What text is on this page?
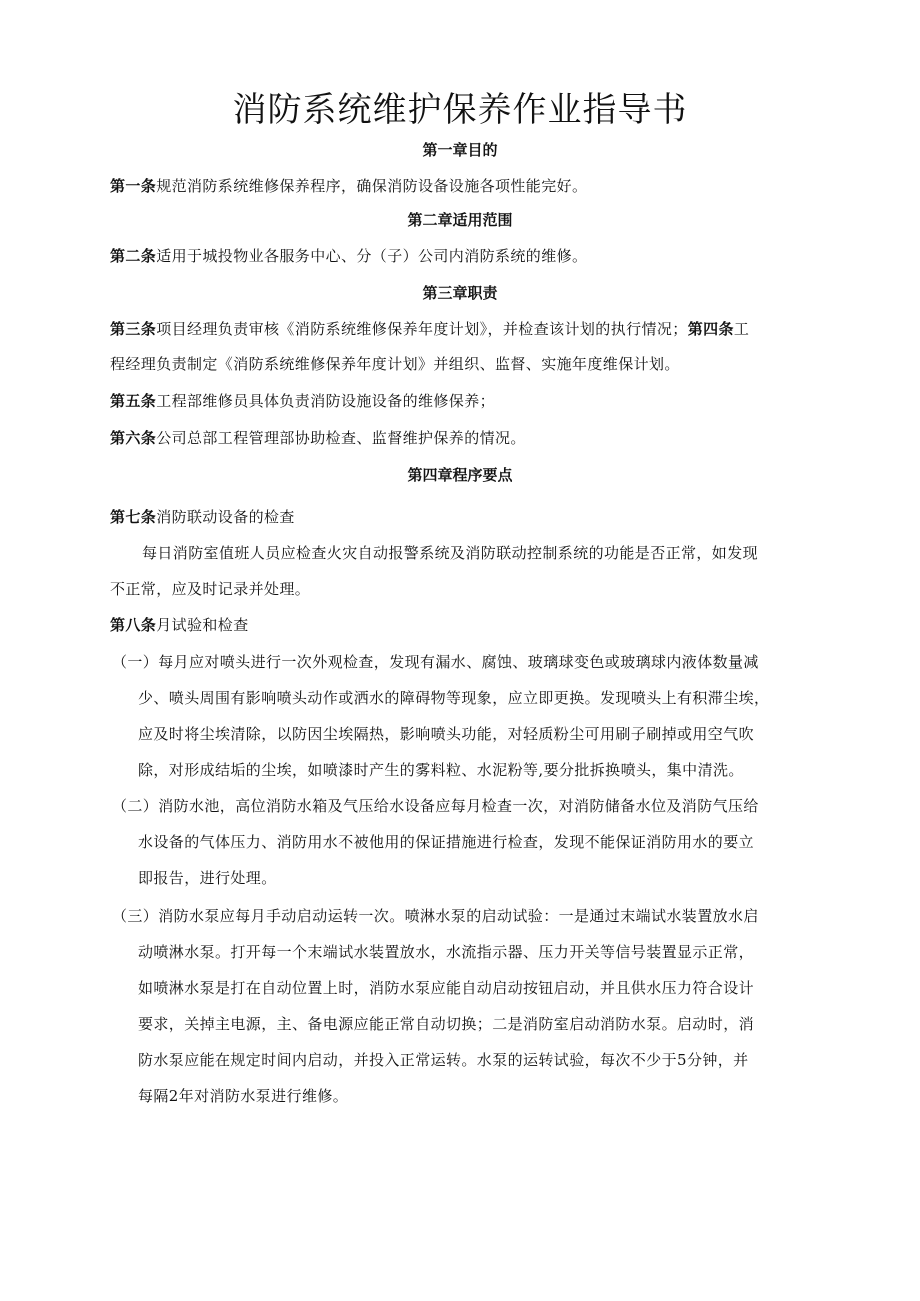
消防系统维护保养作业指导书
第一章目的

第一条规范消防系统维修保养程序，确保消防设备设施各项性能完好。

第二章适用范围

第二条适用于城投物业各服务中心、分（子）公司内消防系统的维修。

第三章职责

第三条项目经理负责审核《消防系统维修保养年度计划》，并检查该计划的执行情况；第四条工

程经理负责制定《消防系统维修保养年度计划》并组织、监督、实施年度维保计划。

第五条工程部维修员具体负责消防设施设备的维修保养；

第六条公司总部工程管理部协助检查、监督维护保养的情况。

第四章程序要点

第七条消防联动设备的检查

每日消防室值班人员应检查火灾自动报警系统及消防联动控制系统的功能是否正常，如发现

不正常，应及时记录并处理。

第八条月试验和检查

（一）每月应对喷头进行一次外观检查，发现有漏水、腐蚀、玻璃球变色或玻璃球内液体数量减

少、喷头周围有影响喷头动作或洒水的障碍物等现象，应立即更换。发现喷头上有积滞尘埃，

应及时将尘埃清除，以防因尘埃隔热，影响喷头功能，对轻质粉尘可用刷子刷掉或用空气吹

除，对形成结垢的尘埃，如喷漆时产生的雾料粒、水泥粉等,要分批拆换喷头，集中清洗。

（二）消防水池，高位消防水箱及气压给水设备应每月检查一次，对消防储备水位及消防气压给

水设备的气体压力、消防用水不被他用的保证措施进行检查，发现不能保证消防用水的要立

即报告，进行处理。

（三）消防水泵应每月手动启动运转一次。喷淋水泵的启动试验：一是通过末端试水装置放水启

动喷淋水泵。打开每一个末端试水装置放水，水流指示器、压力开关等信号装置显示正常，

如喷淋水泵是打在自动位置上时，消防水泵应能自动启动按钮启动，并且供水压力符合设计

要求，关掉主电源，主、备电源应能正常自动切换；二是消防室启动消防水泵。启动时，消

防水泵应能在规定时间内启动，并投入正常运转。水泵的运转试验，每次不少于5分钟，并

每隔2年对消防水泵进行维修。
